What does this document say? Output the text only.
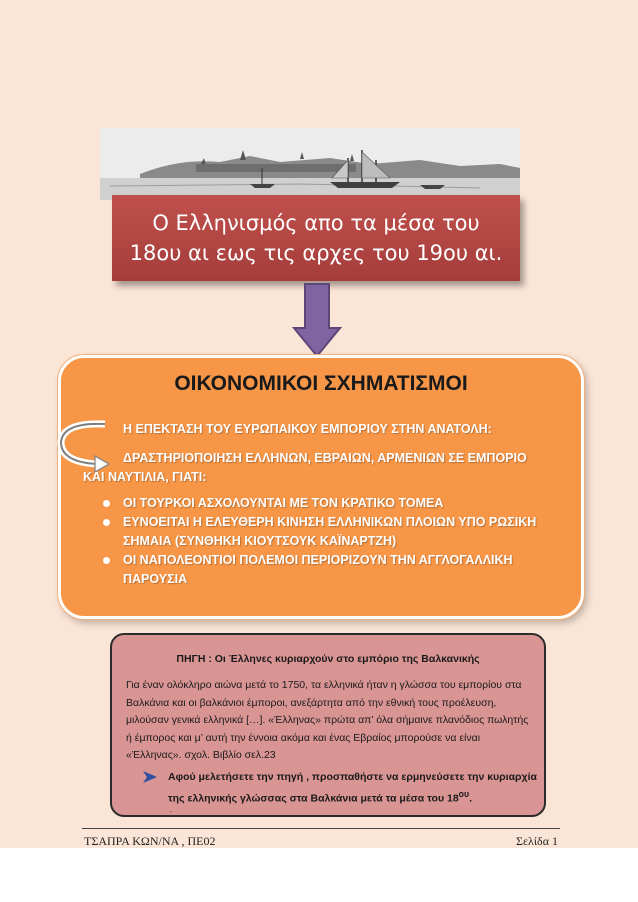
Ο Ελληνισμός απο τα μέσα του
18ου αι εως τις αρχες του 19ου αι.
ΟΙΚΟΝΟΜΙΚΟΙ ΣΧΗΜΑΤΙΣΜΟΙ
Η ΕΠΕΚΤΑΣΗ ΤΟΥ ΕΥΡΩΠΑΙΚΟΥ ΕΜΠΟΡΙΟΥ ΣΤΗΝ ΑΝΑΤΟΛΗ:
ΔΡΑΣΤΗΡΙΟΠΟΙΗΣΗ ΕΛΛΗΝΩΝ, ΕΒΡΑΙΩΝ, ΑΡΜΕΝΙΩΝ ΣΕ ΕΜΠΟΡΙΟ
ΚΑΙ ΝΑΥΤΙΛΙΑ, ΓΙΑΤΙ:
ΟΙ ΤΟΥΡΚΟΙ ΑΣΧΟΛΟΥΝΤΑΙ ΜΕ ΤΟΝ ΚΡΑΤΙΚΟ ΤΟΜΕΑ
ΕΥΝΟΕΙΤΑΙ Η ΕΛΕΥΘΕΡΗ ΚΙΝΗΣΗ ΕΛΛΗΝΙΚΩΝ ΠΛΟΙΩΝ ΥΠΟ ΡΩΣΙΚΗ ΣΗΜΑΙΑ (ΣΥΝΘΗΚΗ ΚΙΟΥΤΣΟΥΚ ΚΑΪΝΑΡΤΖΗ)
ΟΙ ΝΑΠΟΛΕΟΝΤΙΟΙ ΠΟΛΕΜΟΙ ΠΕΡΙΟΡΙΖΟΥΝ ΤΗΝ ΑΓΓΛΟΓΑΛΛΙΚΗ ΠΑΡΟΥΣΙΑ
ΠΗΓΗ : Οι Έλληνες κυριαρχούν στο εμπόριο της Βαλκανικής
Για έναν ολόκληρο αιώνα μετά το 1750, τα ελληνικά ήταν η γλώσσα του εμπορίου στα Βαλκάνια και οι βαλκάνιοι έμποροι, ανεξάρτητα από την εθνική τους προέλευση, μιλούσαν γενικά ελληνικά […]. «Έλληνας» πρώτα απ’ όλα σήμαινε πλανόδιος πωλητής ή έμπορος και μ’ αυτή την έννοια ακόμα και ένας Εβραίος μπορούσε να είναι «Έλληνας». σχολ. Βιβλίο σελ.23
Αφού μελετήσετε την πηγή , προσπαθήστε να ερμηνεύσετε την κυριαρχία της ελληνικής γλώσσας στα Βαλκάνια μετά τα μέσα του $18^{o\upsilon}$.
.
ΤΣΑΠΡΑ ΚΩΝ/ΝΑ , ΠΕ02	Σελίδα 1
